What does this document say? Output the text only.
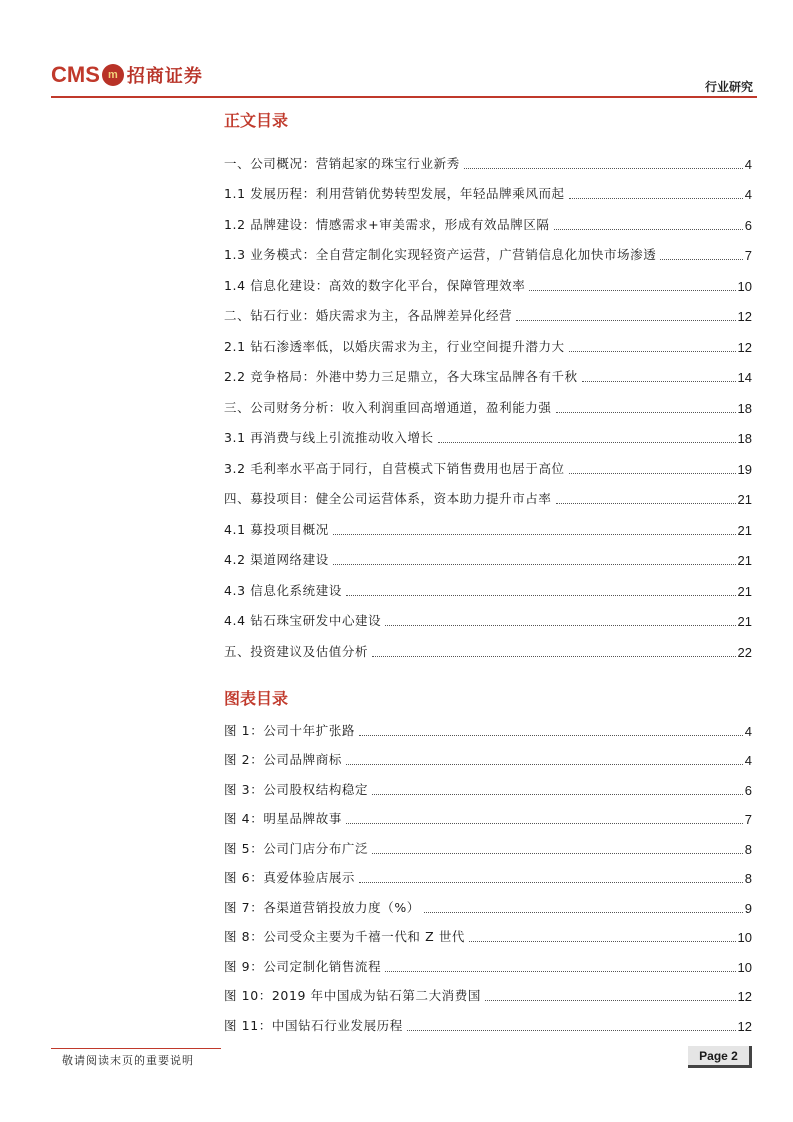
CMS m 招商证券	行业研究
正文目录
一、公司概况：营销起家的珠宝行业新秀	4
1.1 发展历程：利用营销优势转型发展，年轻品牌乘风而起	4
1.2 品牌建设：情感需求+审美需求，形成有效品牌区隔	6
1.3 业务模式：全自营定制化实现轻资产运营，广营销信息化加快市场渗透	7
1.4 信息化建设：高效的数字化平台，保障管理效率	10
二、钻石行业：婚庆需求为主，各品牌差异化经营	12
2.1 钻石渗透率低，以婚庆需求为主，行业空间提升潜力大	12
2.2 竞争格局：外港中势力三足鼎立，各大珠宝品牌各有千秋	14
三、公司财务分析：收入利润重回高增通道，盈利能力强	18
3.1 再消费与线上引流推动收入增长	18
3.2 毛利率水平高于同行，自营模式下销售费用也居于高位	19
四、募投项目：健全公司运营体系，资本助力提升市占率	21
4.1 募投项目概况	21
4.2 渠道网络建设	21
4.3 信息化系统建设	21
4.4 钻石珠宝研发中心建设	21
五、投资建议及估值分析	22
图表目录
图 1：公司十年扩张路	4
图 2：公司品牌商标	4
图 3：公司股权结构稳定	6
图 4：明星品牌故事	7
图 5：公司门店分布广泛	8
图 6：真爱体验店展示	8
图 7：各渠道营销投放力度（%）	9
图 8：公司受众主要为千禧一代和 Z 世代	10
图 9：公司定制化销售流程	10
图 10：2019 年中国成为钻石第二大消费国	12
图 11：中国钻石行业发展历程	12
敬请阅读末页的重要说明	Page 2
